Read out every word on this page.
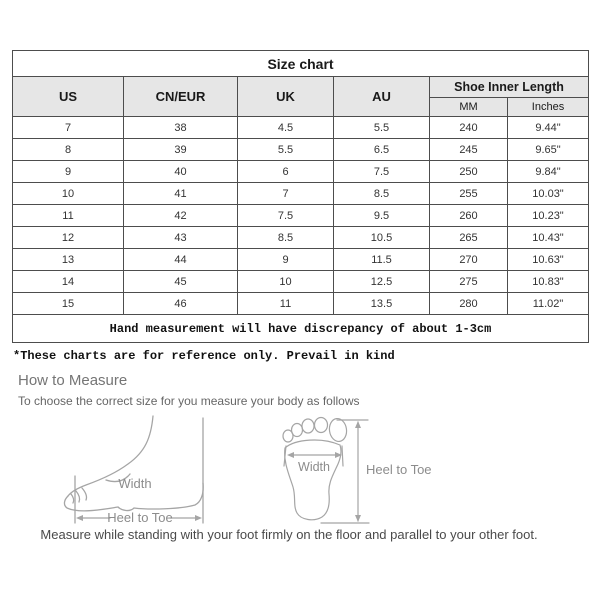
Size chart					
US	CN/EUR	UK	AU	Shoe Inner Length	
				MM	Inches
7	38	4.5	5.5	240	9.44"
8	39	5.5	6.5	245	9.65"
9	40	6	7.5	250	9.84"
10	41	7	8.5	255	10.03"
11	42	7.5	9.5	260	10.23"
12	43	8.5	10.5	265	10.43"
13	44	9	11.5	270	10.63"
14	45	10	12.5	275	10.83"
15	46	11	13.5	280	11.02"
Hand measurement will have discrepancy of about 1-3cm					
*These charts are for reference only. Prevail in kind
How to Measure
To choose the correct size for you measure your body as follows
Width
Heel to Toe
Width	Heel to Toe
Measure while standing with your foot firmly on the floor and parallel to your other foot.
